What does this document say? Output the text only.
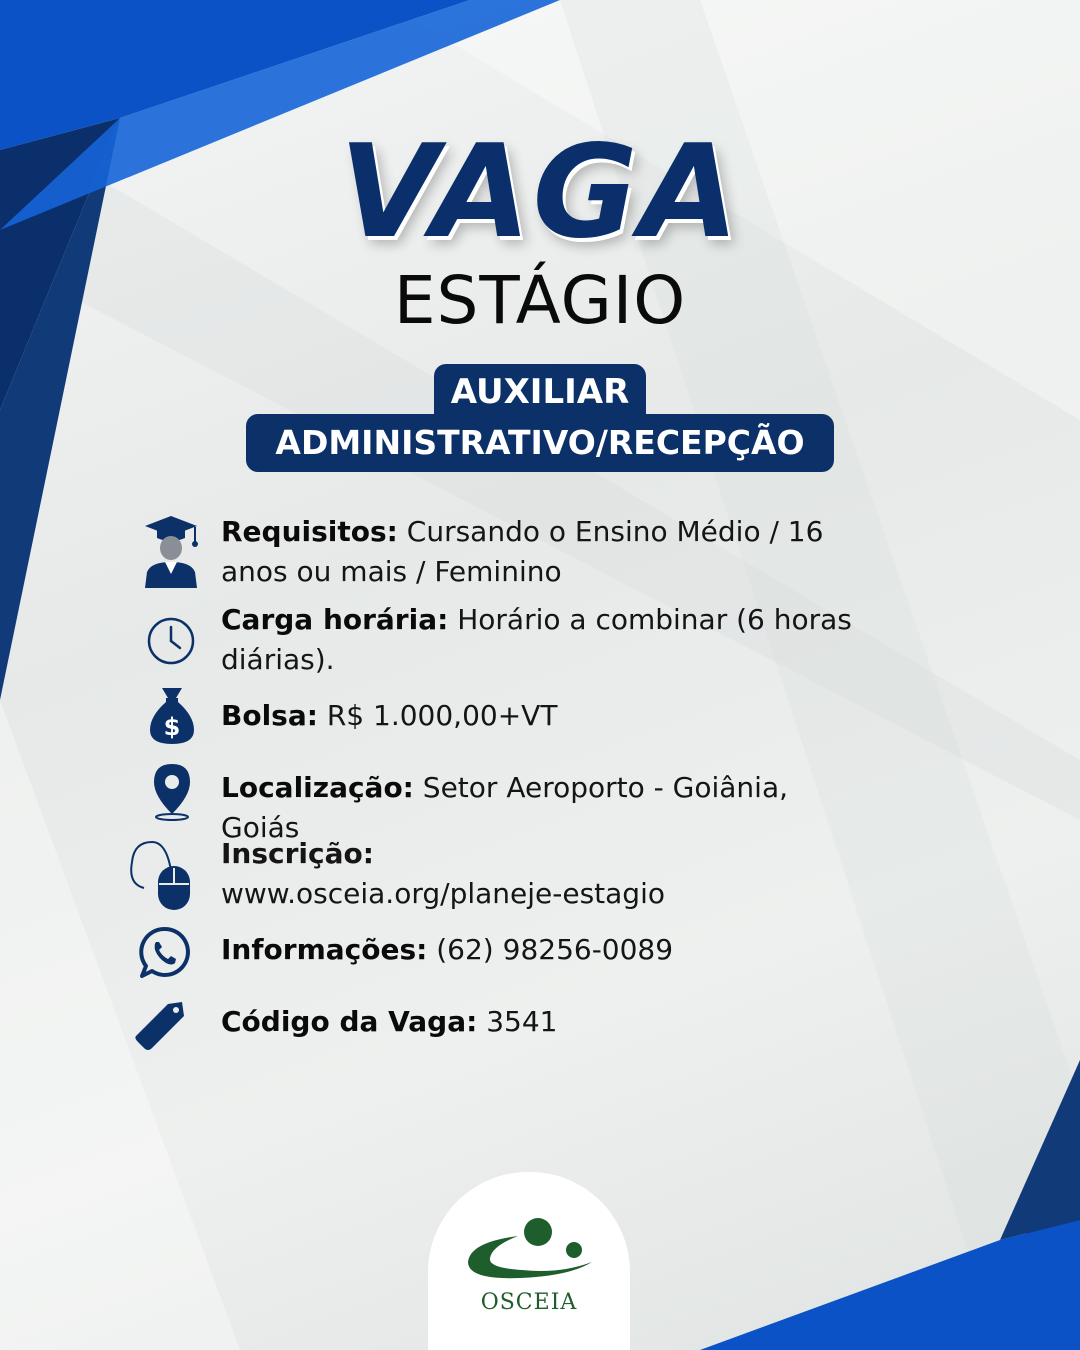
VAGA
ESTÁGIO
ADMINISTRATIVO/RECEPÇÃO
AUXILIAR
Requisitos: Cursando o Ensino Médio / 16 anos ou mais / Feminino
Carga horária: Horário a combinar (6 horas diárias).
$ Bolsa: R$ 1.000,00+VT
Localização: Setor Aeroporto - Goiânia, Goiás
Inscrição:
www.osceia.org/planeje-estagio
Informações: (62) 98256-0089
Código da Vaga: 3541
OSCEIA
